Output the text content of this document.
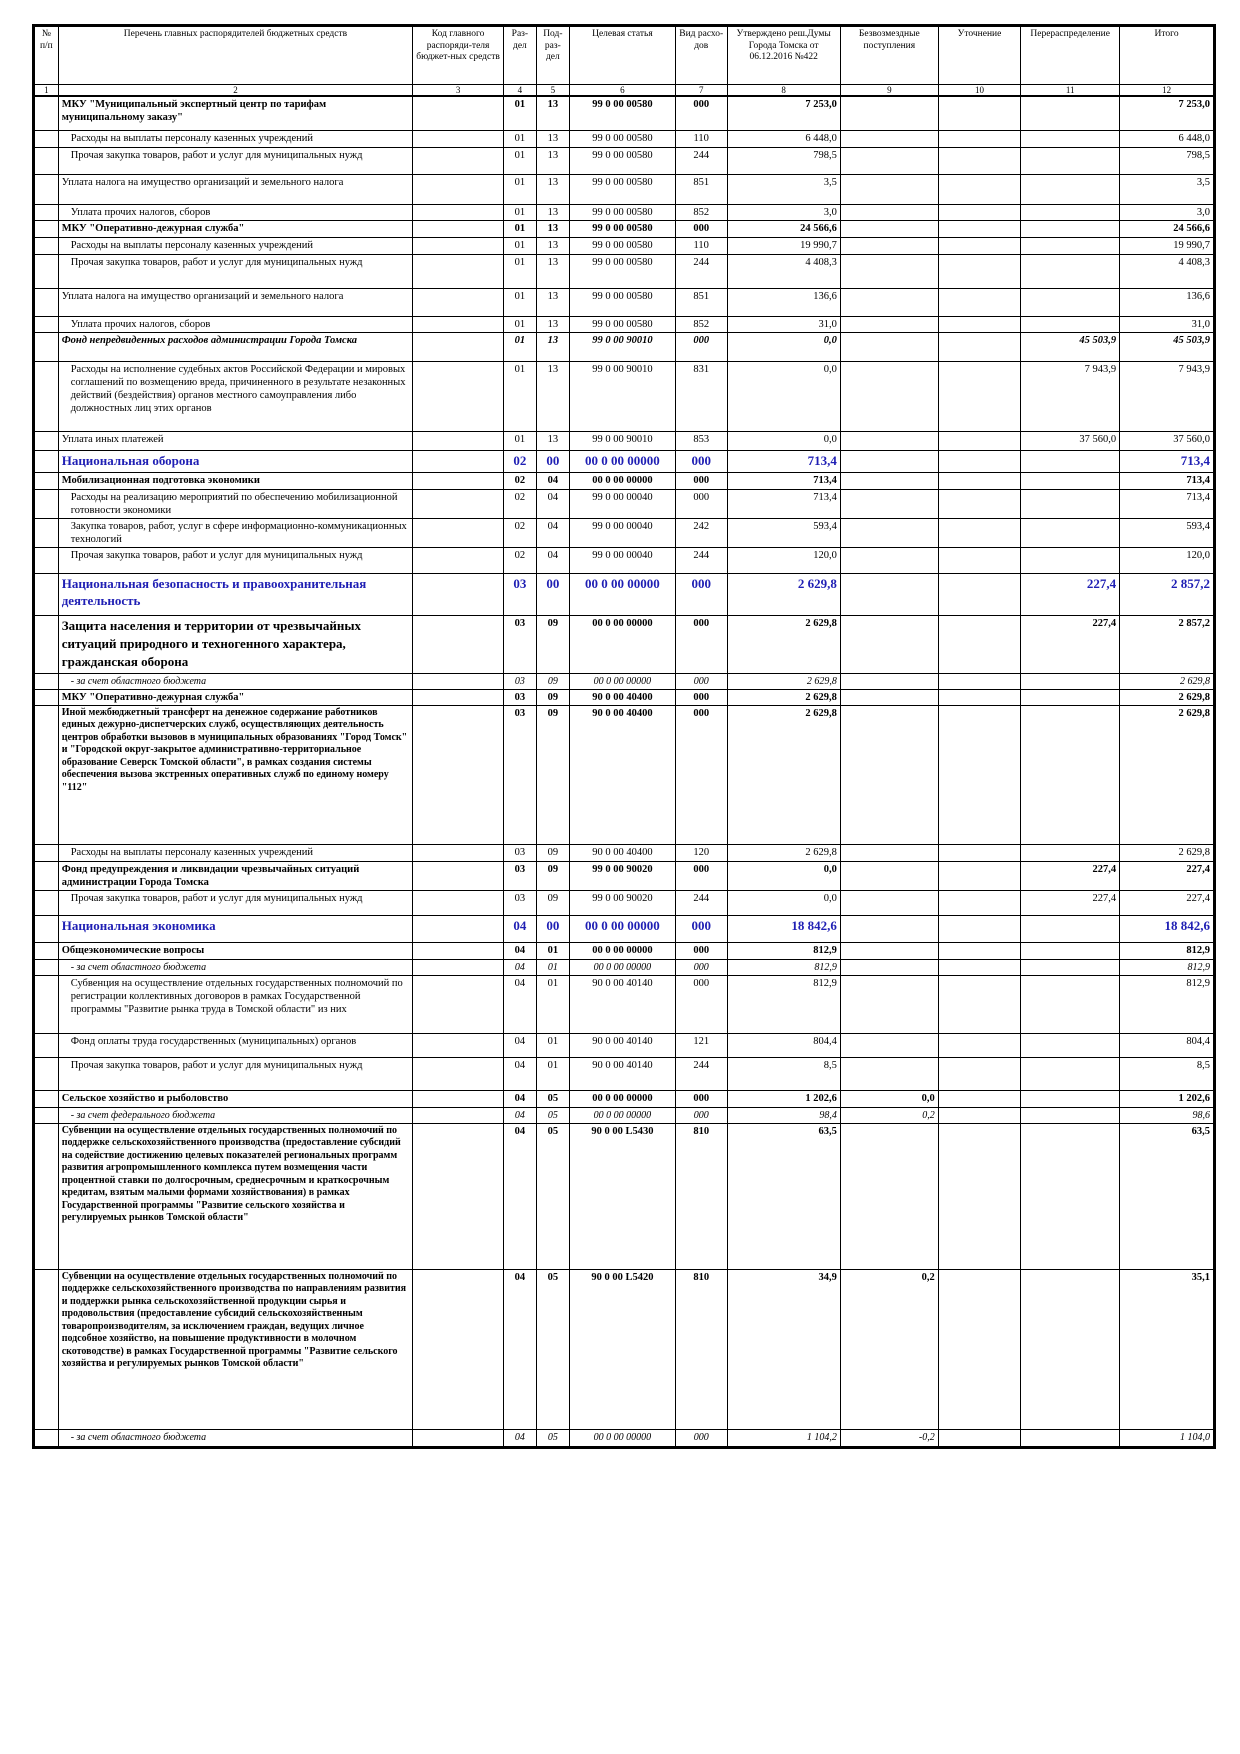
№ п/п	Перечень главных распорядителей бюджетных средств	Код главного распоряди-теля бюджет-ных средств	Раз-дел	Под-раз-дел	Целевая статья	Вид расхо-дов	Утверждено реш.Думы Города Томска от 06.12.2016 №422	Безвозмездные поступления	Уточнение	Перераспределение	Итого
1	2	3	4	5	6	7	8	9	10	11	12
	МКУ "Муниципальный экспертный центр по тарифам муниципальному заказу"		01	13	99 0 00 00580	000	7 253,0				7 253,0
	Расходы на выплаты персоналу казенных учреждений		01	13	99 0 00 00580	110	6 448,0				6 448,0
	Прочая закупка товаров, работ и услуг для муниципальных нужд		01	13	99 0 00 00580	244	798,5				798,5
	Уплата налога на имущество организаций и земельного налога		01	13	99 0 00 00580	851	3,5				3,5
	Уплата прочих налогов, сборов		01	13	99 0 00 00580	852	3,0				3,0
	МКУ "Оперативно-дежурная служба"		01	13	99 0 00 00580	000	24 566,6				24 566,6
	Расходы на выплаты персоналу казенных учреждений		01	13	99 0 00 00580	110	19 990,7				19 990,7
	Прочая закупка товаров, работ и услуг для муниципальных нужд		01	13	99 0 00 00580	244	4 408,3				4 408,3
	Уплата налога на имущество организаций и земельного налога		01	13	99 0 00 00580	851	136,6				136,6
	Уплата прочих налогов, сборов		01	13	99 0 00 00580	852	31,0				31,0
	Фонд непредвиденных расходов администрации Города Томска		01	13	99 0 00 90010	000	0,0			45 503,9	45 503,9
	Расходы на исполнение судебных актов Российской Федерации и мировых соглашений по возмещению вреда, причиненного в результате незаконных действий (бездействия) органов местного самоуправления либо должностных лиц этих органов		01	13	99 0 00 90010	831	0,0			7 943,9	7 943,9
	Уплата иных платежей		01	13	99 0 00 90010	853	0,0			37 560,0	37 560,0
	Национальная оборона		02	00	00 0 00 00000	000	713,4				713,4
	Мобилизационная подготовка экономики		02	04	00 0 00 00000	000	713,4				713,4
	Расходы на реализацию мероприятий по обеспечению мобилизационной готовности экономики		02	04	99 0 00 00040	000	713,4				713,4
	Закупка товаров, работ, услуг в сфере информационно-коммуникационных технологий		02	04	99 0 00 00040	242	593,4				593,4
	Прочая закупка товаров, работ и услуг для муниципальных нужд		02	04	99 0 00 00040	244	120,0				120,0
	Национальная безопасность и правоохранительная деятельность		03	00	00 0 00 00000	000	2 629,8			227,4	2 857,2
	Защита населения и территории от чрезвычайных ситуаций природного и техногенного характера, гражданская оборона		03	09	00 0 00 00000	000	2 629,8			227,4	2 857,2
	- за счет областного бюджета		03	09	00 0 00 00000	000	2 629,8				2 629,8
	МКУ "Оперативно-дежурная служба"		03	09	90 0 00 40400	000	2 629,8				2 629,8
	Иной межбюджетный трансферт на денежное содержание работников единых дежурно-диспетчерских служб, осуществляющих деятельность центров обработки вызовов в муниципальных образованиях "Город Томск" и "Городской округ-закрытое административно-территориальное образование Северск Томской области", в рамках создания системы обеспечения вызова экстренных оперативных служб по единому номеру "112"		03	09	90 0 00 40400	000	2 629,8				2 629,8
	Расходы на выплаты персоналу казенных учреждений		03	09	90 0 00 40400	120	2 629,8				2 629,8
	Фонд предупреждения и ликвидации чрезвычайных ситуаций администрации Города Томска		03	09	99 0 00 90020	000	0,0			227,4	227,4
	Прочая закупка товаров, работ и услуг для муниципальных нужд		03	09	99 0 00 90020	244	0,0			227,4	227,4
	Национальная экономика		04	00	00 0 00 00000	000	18 842,6				18 842,6
	Общеэкономические вопросы		04	01	00 0 00 00000	000	812,9				812,9
	- за счет областного бюджета		04	01	00 0 00 00000	000	812,9				812,9
	Субвенция на осуществление отдельных государственных полномочий по регистрации коллективных договоров в рамках Государственной программы "Развитие рынка труда в Томской области" из них		04	01	90 0 00 40140	000	812,9				812,9
	Фонд оплаты труда государственных (муниципальных) органов		04	01	90 0 00 40140	121	804,4				804,4
	Прочая закупка товаров, работ и услуг для муниципальных нужд		04	01	90 0 00 40140	244	8,5				8,5
	Сельское хозяйство и рыболовство		04	05	00 0 00 00000	000	1 202,6	0,0			1 202,6
	- за счет федерального бюджета		04	05	00 0 00 00000	000	98,4	0,2			98,6
	Субвенции на осуществление отдельных государственных полномочий по поддержке сельскохозяйственного производства (предоставление субсидий на содействие достижению целевых показателей региональных программ развития агропромышленного комплекса путем возмещения части процентной ставки по долгосрочным, среднесрочным и краткосрочным кредитам, взятым малыми формами хозяйствования) в рамках Государственной программы "Развитие сельского хозяйства и регулируемых рынков Томской области"		04	05	90 0 00 L5430	810	63,5				63,5
	Субвенции на осуществление отдельных государственных полномочий по поддержке сельскохозяйственного производства по направлениям развития и поддержки рынка сельскохозяйственной продукции сырья и продовольствия (предоставление субсидий сельскохозяйственным товаропроизводителям, за исключением граждан, ведущих личное подсобное хозяйство, на повышение продуктивности в молочном скотоводстве) в рамках Государственной программы "Развитие сельского хозяйства и регулируемых рынков Томской области"		04	05	90 0 00 L5420	810	34,9	0,2			35,1
	- за счет областного бюджета		04	05	00 0 00 00000	000	1 104,2	-0,2			1 104,0
